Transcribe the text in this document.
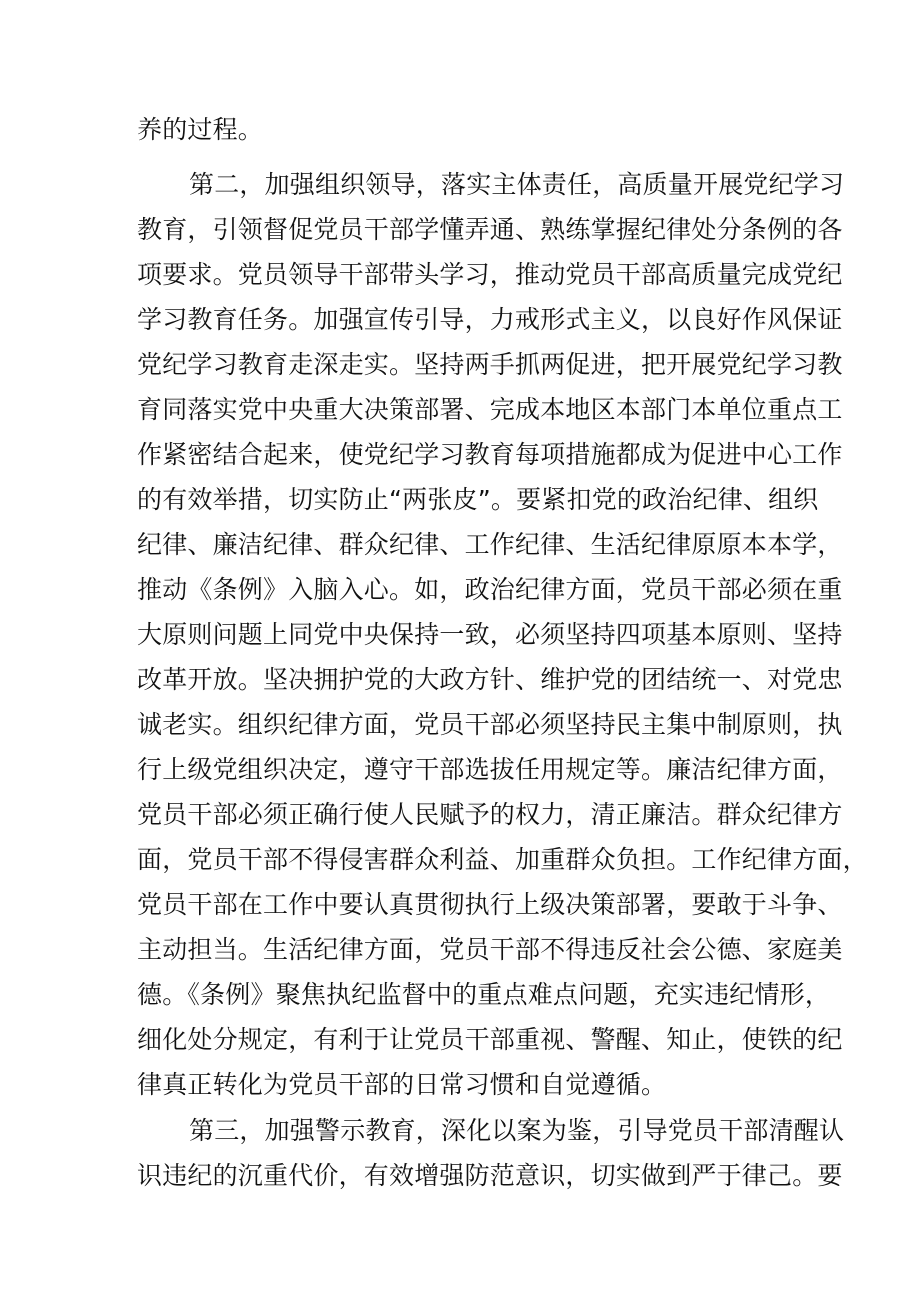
养的过程。
第二，加强组织领导，落实主体责任，高质量开展党纪学习
教育，引领督促党员干部学懂弄通、熟练掌握纪律处分条例的各
项要求。党员领导干部带头学习，推动党员干部高质量完成党纪
学习教育任务。加强宣传引导，力戒形式主义，以良好作风保证
党纪学习教育走深走实。坚持两手抓两促进，把开展党纪学习教
育同落实党中央重大决策部署、完成本地区本部门本单位重点工
作紧密结合起来，使党纪学习教育每项措施都成为促进中心工作
的有效举措，切实防止“两张皮”。要紧扣党的政治纪律、组织
纪律、廉洁纪律、群众纪律、工作纪律、生活纪律原原本本学，
推动《条例》入脑入心。如，政治纪律方面，党员干部必须在重
大原则问题上同党中央保持一致，必须坚持四项基本原则、坚持
改革开放。坚决拥护党的大政方针、维护党的团结统一、对党忠
诚老实。组织纪律方面，党员干部必须坚持民主集中制原则，执
行上级党组织决定，遵守干部选拔任用规定等。廉洁纪律方面，
党员干部必须正确行使人民赋予的权力，清正廉洁。群众纪律方
面，党员干部不得侵害群众利益、加重群众负担。工作纪律方面，
党员干部在工作中要认真贯彻执行上级决策部署，要敢于斗争、
主动担当。生活纪律方面，党员干部不得违反社会公德、家庭美
德。《条例》聚焦执纪监督中的重点难点问题，充实违纪情形，
细化处分规定，有利于让党员干部重视、警醒、知止，使铁的纪
律真正转化为党员干部的日常习惯和自觉遵循。
第三，加强警示教育，深化以案为鉴，引导党员干部清醒认
识违纪的沉重代价，有效增强防范意识，切实做到严于律己。要
